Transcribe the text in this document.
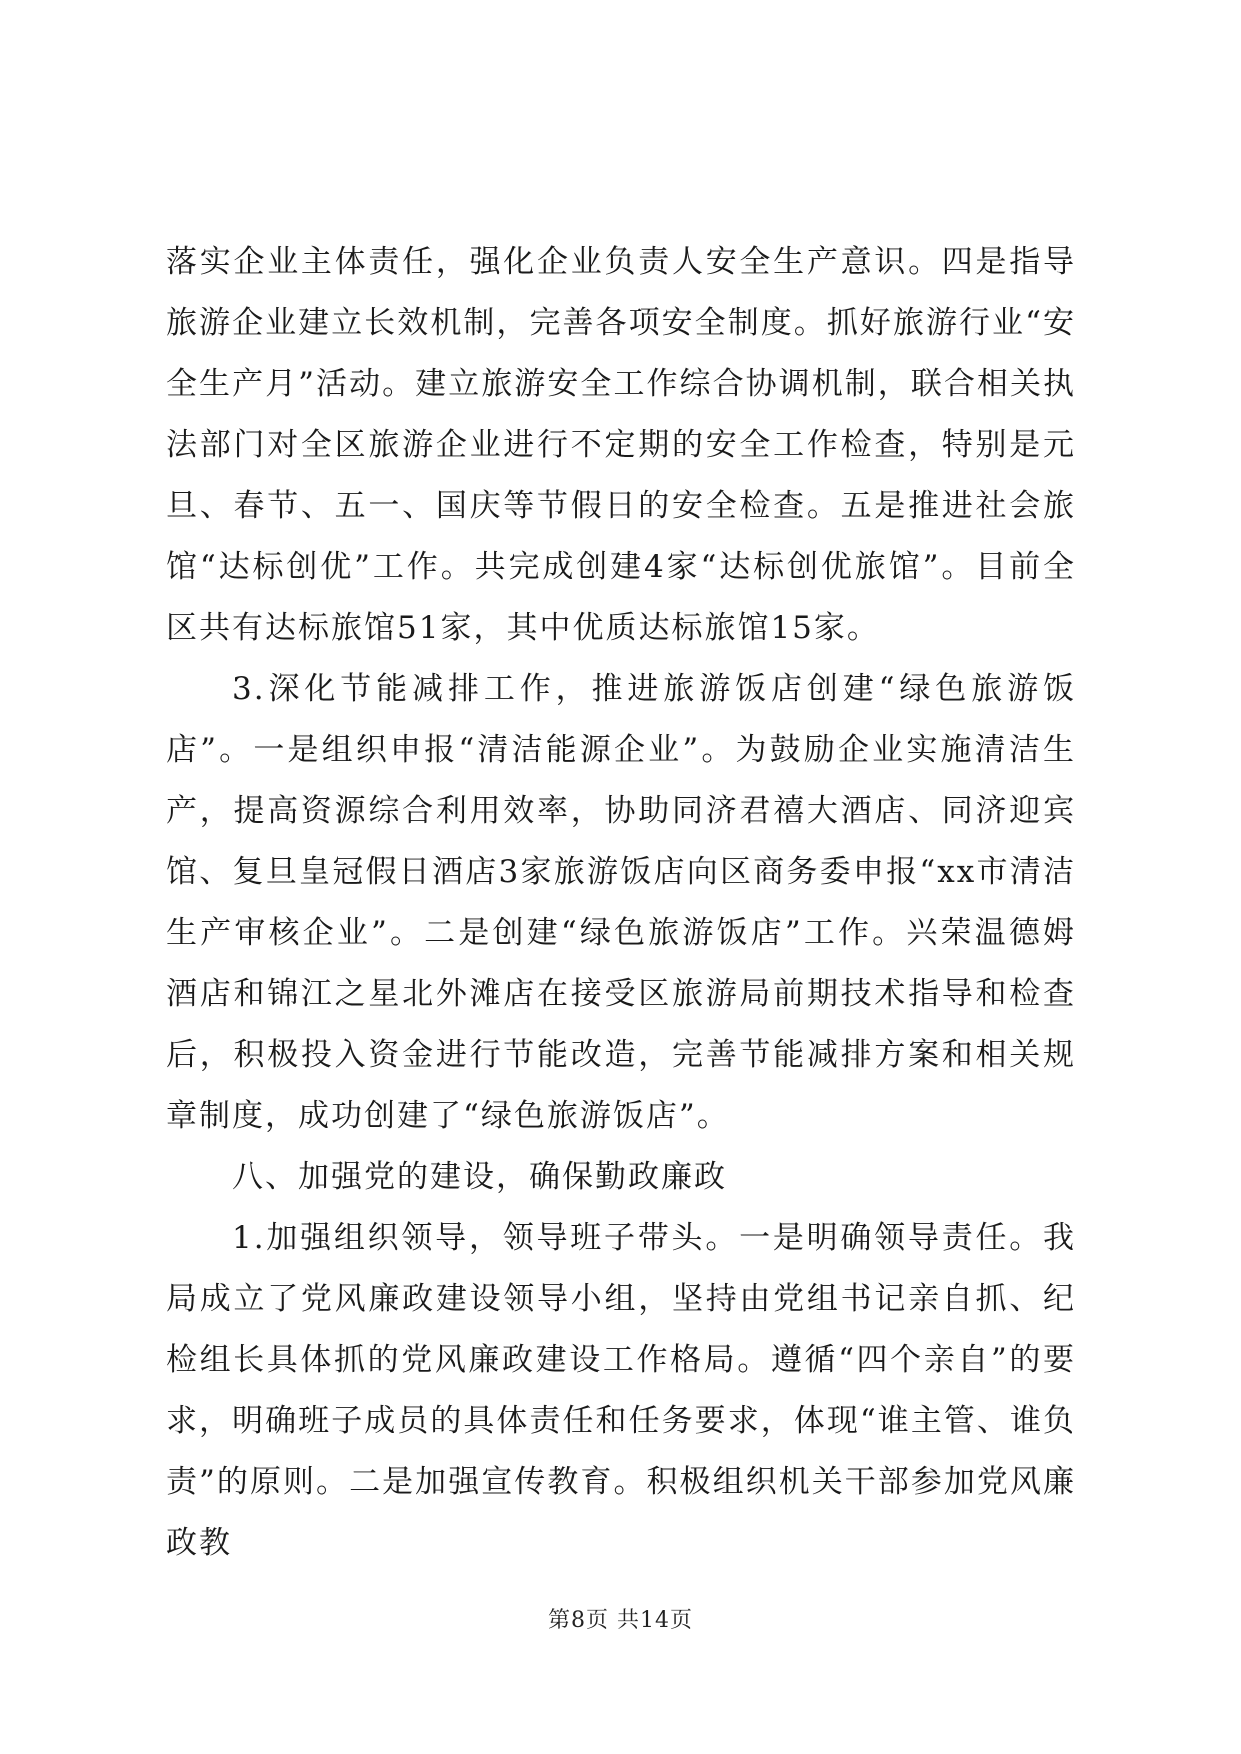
落实企业主体责任，强化企业负责人安全生产意识。四是指导旅游企业建立长效机制，完善各项安全制度。抓好旅游行业“安全生产月”活动。建立旅游安全工作综合协调机制，联合相关执法部门对全区旅游企业进行不定期的安全工作检查，特别是元旦、春节、五一、国庆等节假日的安全检查。五是推进社会旅馆“达标创优”工作。共完成创建4家“达标创优旅馆”。目前全区共有达标旅馆51家，其中优质达标旅馆15家。

3.深化节能减排工作，推进旅游饭店创建“绿色旅游饭店”。一是组织申报“清洁能源企业”。为鼓励企业实施清洁生产，提高资源综合利用效率，协助同济君禧大酒店、同济迎宾馆、复旦皇冠假日酒店3家旅游饭店向区商务委申报“xx市清洁生产审核企业”。二是创建“绿色旅游饭店”工作。兴荣温德姆酒店和锦江之星北外滩店在接受区旅游局前期技术指导和检查后，积极投入资金进行节能改造，完善节能减排方案和相关规章制度，成功创建了“绿色旅游饭店”。

八、加强党的建设，确保勤政廉政

1.加强组织领导，领导班子带头。一是明确领导责任。我局成立了党风廉政建设领导小组，坚持由党组书记亲自抓、纪检组长具体抓的党风廉政建设工作格局。遵循“四个亲自”的要求，明确班子成员的具体责任和任务要求，体现“谁主管、谁负责”的原则。二是加强宣传教育。积极组织机关干部参加党风廉政教

第8页 共14页
